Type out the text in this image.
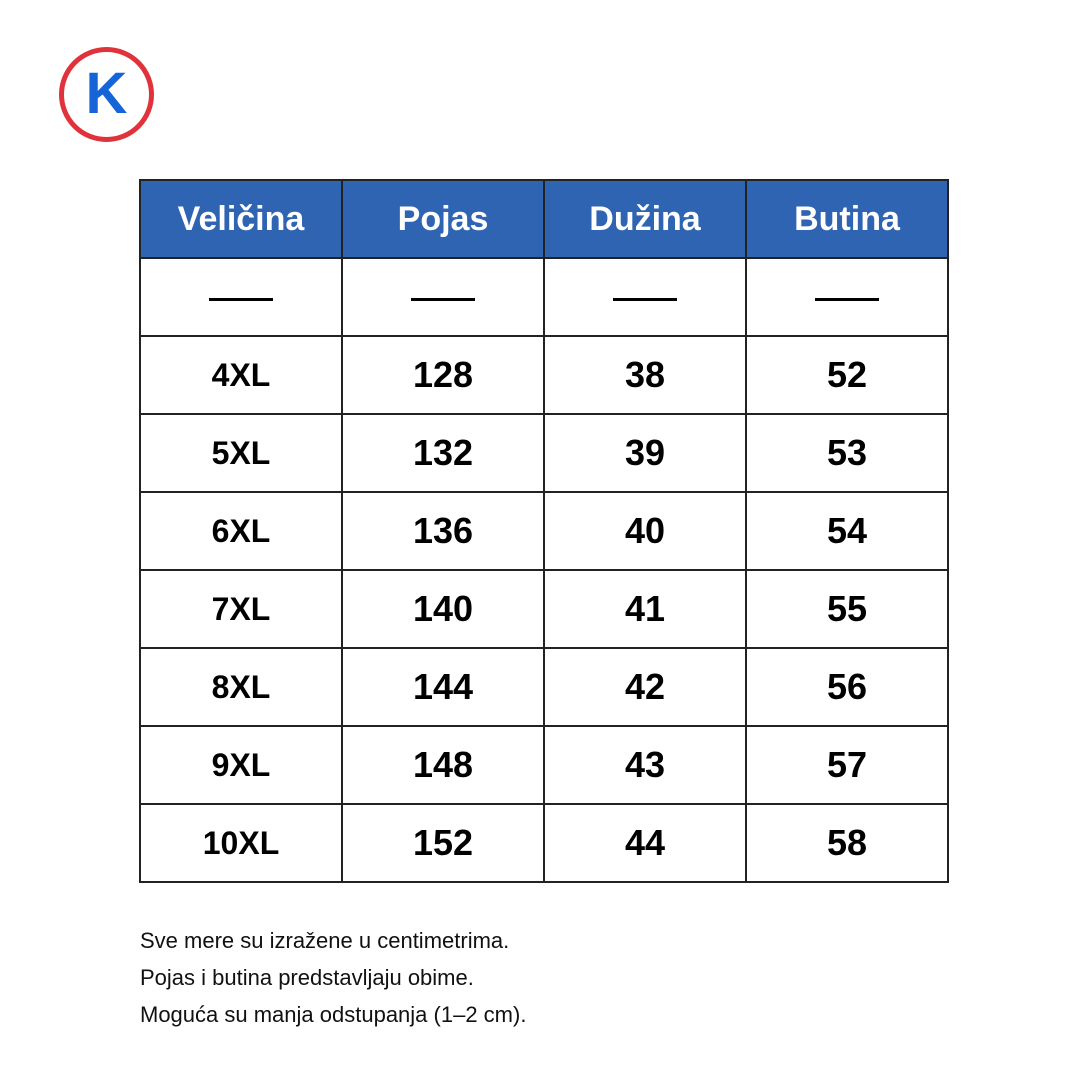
K
Veličina	Pojas	Dužina	Butina

4XL	128	38	52
5XL	132	39	53
6XL	136	40	54
7XL	140	41	55
8XL	144	42	56
9XL	148	43	57
10XL	152	44	58

Sve mere su izražene u centimetrima.

Pojas i butina predstavljaju obime.

Moguća su manja odstupanja (1–2 cm).
